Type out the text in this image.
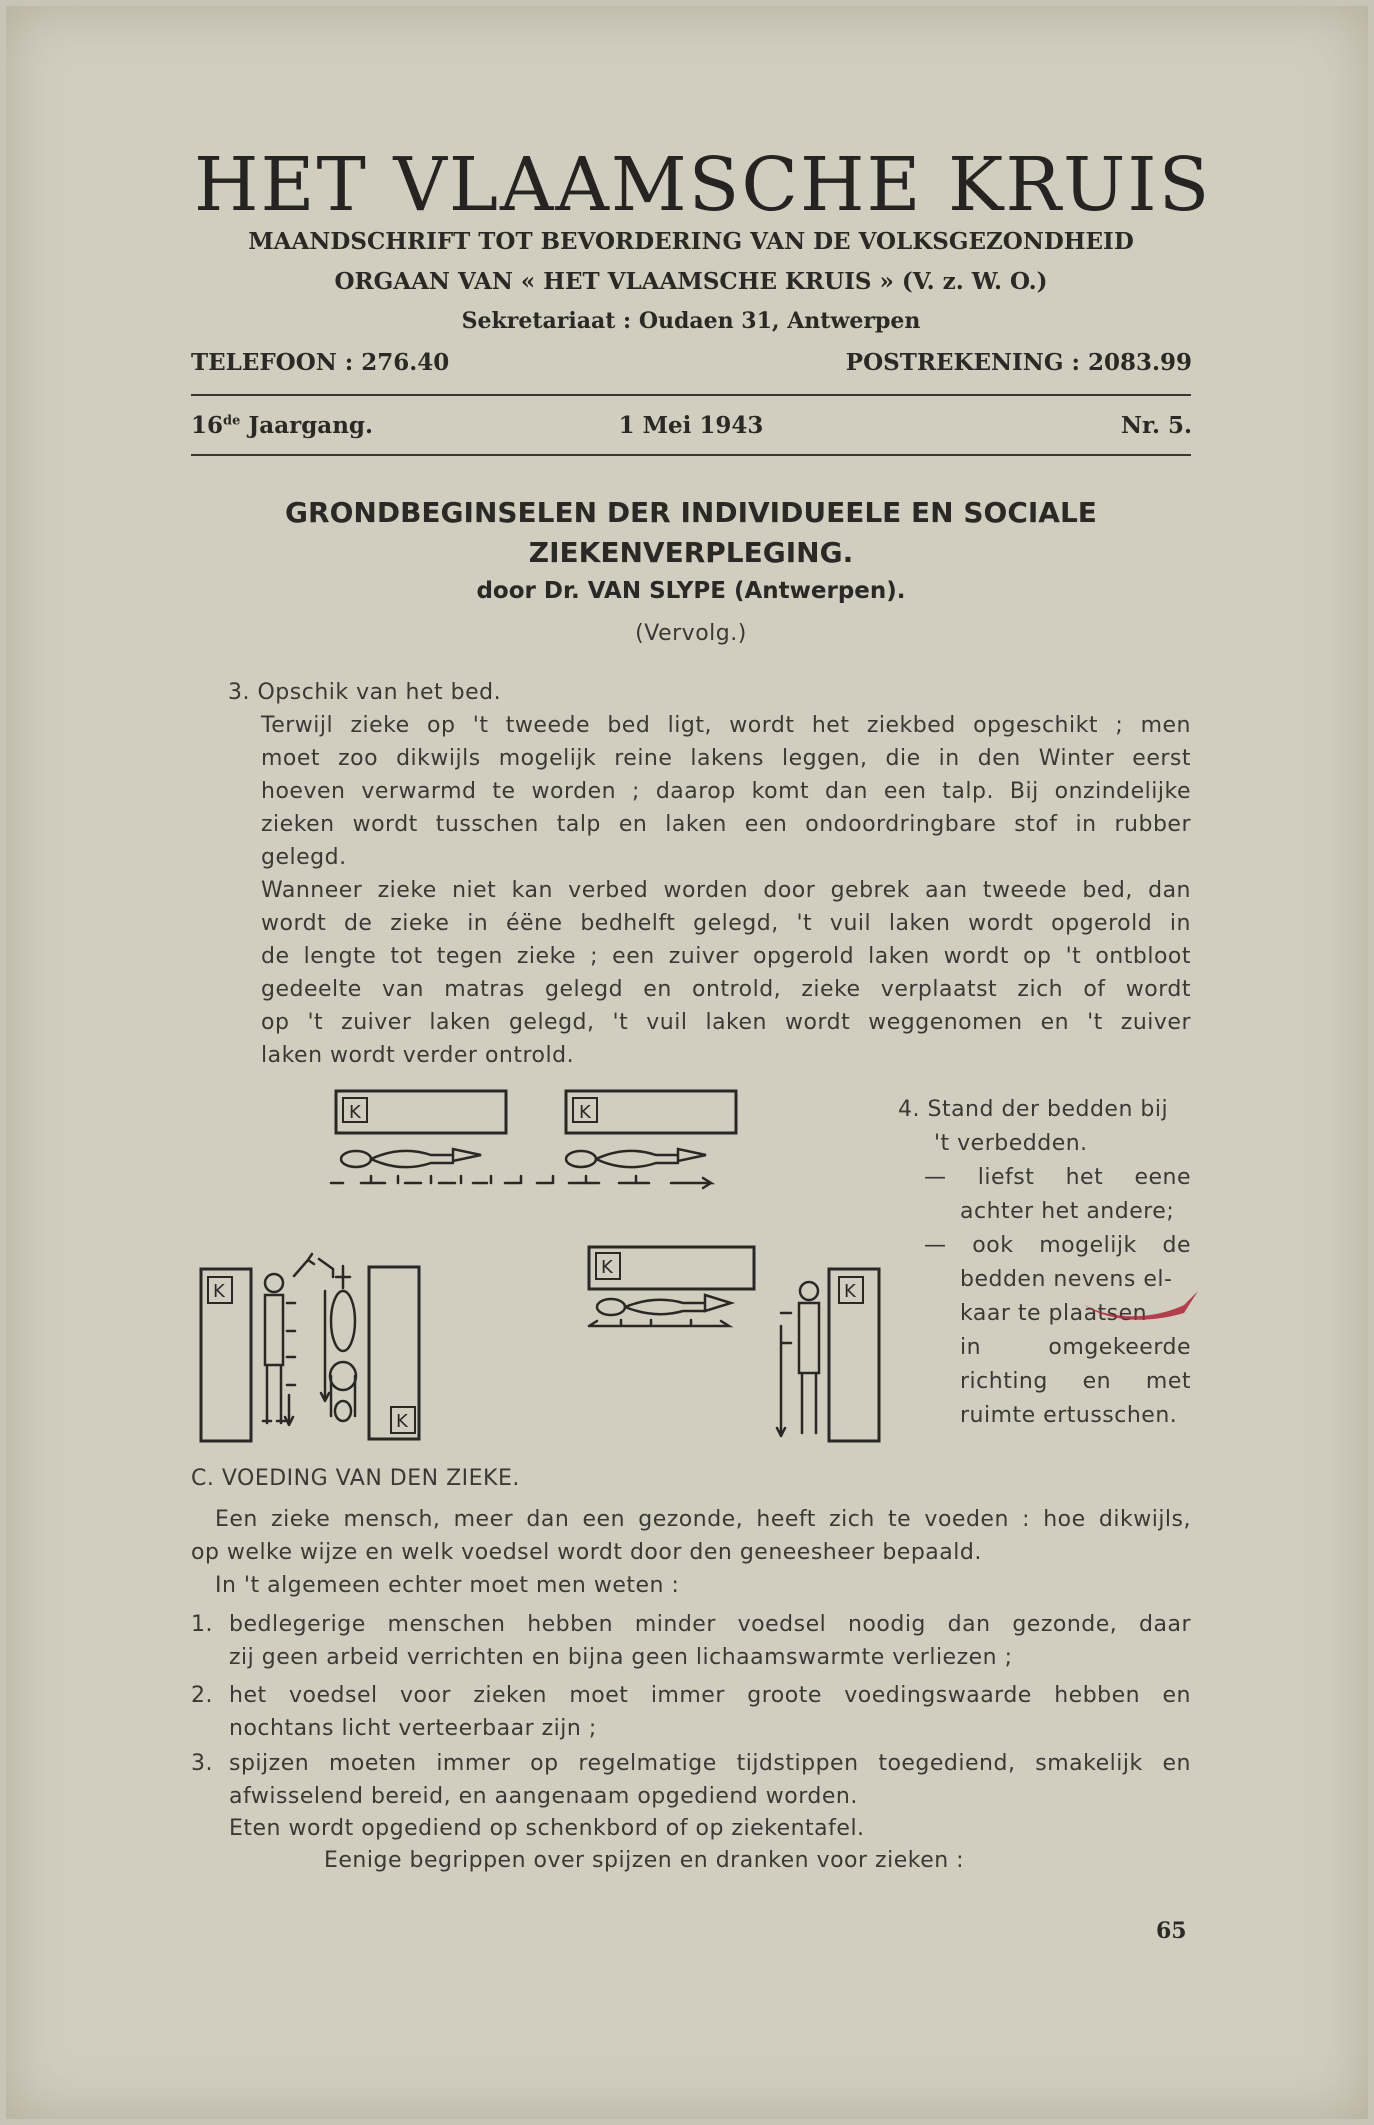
HET VLAAMSCHE KRUIS
MAANDSCHRIFT TOT BEVORDERING VAN DE VOLKSGEZONDHEID
ORGAAN VAN « HET VLAAMSCHE KRUIS » (V. z. W. O.)
Sekretariaat : Oudaen 31, Antwerpen
TELEFOON : 276.40	POSTREKENING : 2083.99
16de Jaargang.	1 Mei 1943	Nr. 5.
GRONDBEGINSELEN DER INDIVIDUEELE EN SOCIALE
ZIEKENVERPLEGING.
door Dr. VAN SLYPE (Antwerpen).
(Vervolg.)
3. Opschik van het bed.
Terwijl zieke op 't tweede bed ligt, wordt het ziekbed opgeschikt ; men
moet zoo dikwijls mogelijk reine lakens leggen, die in den Winter eerst
hoeven verwarmd te worden ; daarop komt dan een talp. Bij onzindelijke
zieken wordt tusschen talp en laken een ondoordringbare stof in rubber
gelegd.
Wanneer zieke niet kan verbed worden door gebrek aan tweede bed, dan
wordt de zieke in éëne bedhelft gelegd, 't vuil laken wordt opgerold in
de lengte tot tegen zieke ; een zuiver opgerold laken wordt op 't ontbloot
gedeelte van matras gelegd en ontrold, zieke verplaatst zich of wordt
op 't zuiver laken gelegd, 't vuil laken wordt weggenomen en 't zuiver
laken wordt verder ontrold.
K	K
K
K
K
K
4. Stand der bedden bij
't verbedden.
— liefst het eene
achter het andere;
— ook mogelijk de
bedden nevens el-
kaar te plaatsen
in omgekeerde
richting en met
ruimte ertusschen.
C. VOEDING VAN DEN ZIEKE.
Een zieke mensch, meer dan een gezonde, heeft zich te voeden : hoe dikwijls,
op welke wijze en welk voedsel wordt door den geneesheer bepaald.
In 't algemeen echter moet men weten :
1. bedlegerige menschen hebben minder voedsel noodig dan gezonde, daar
zij geen arbeid verrichten en bijna geen lichaamswarmte verliezen ;
2. het voedsel voor zieken moet immer groote voedingswaarde hebben en
nochtans licht verteerbaar zijn ;
3. spijzen moeten immer op regelmatige tijdstippen toegediend, smakelijk en
afwisselend bereid, en aangenaam opgediend worden.
Eten wordt opgediend op schenkbord of op ziekentafel.
Eenige begrippen over spijzen en dranken voor zieken :
65
